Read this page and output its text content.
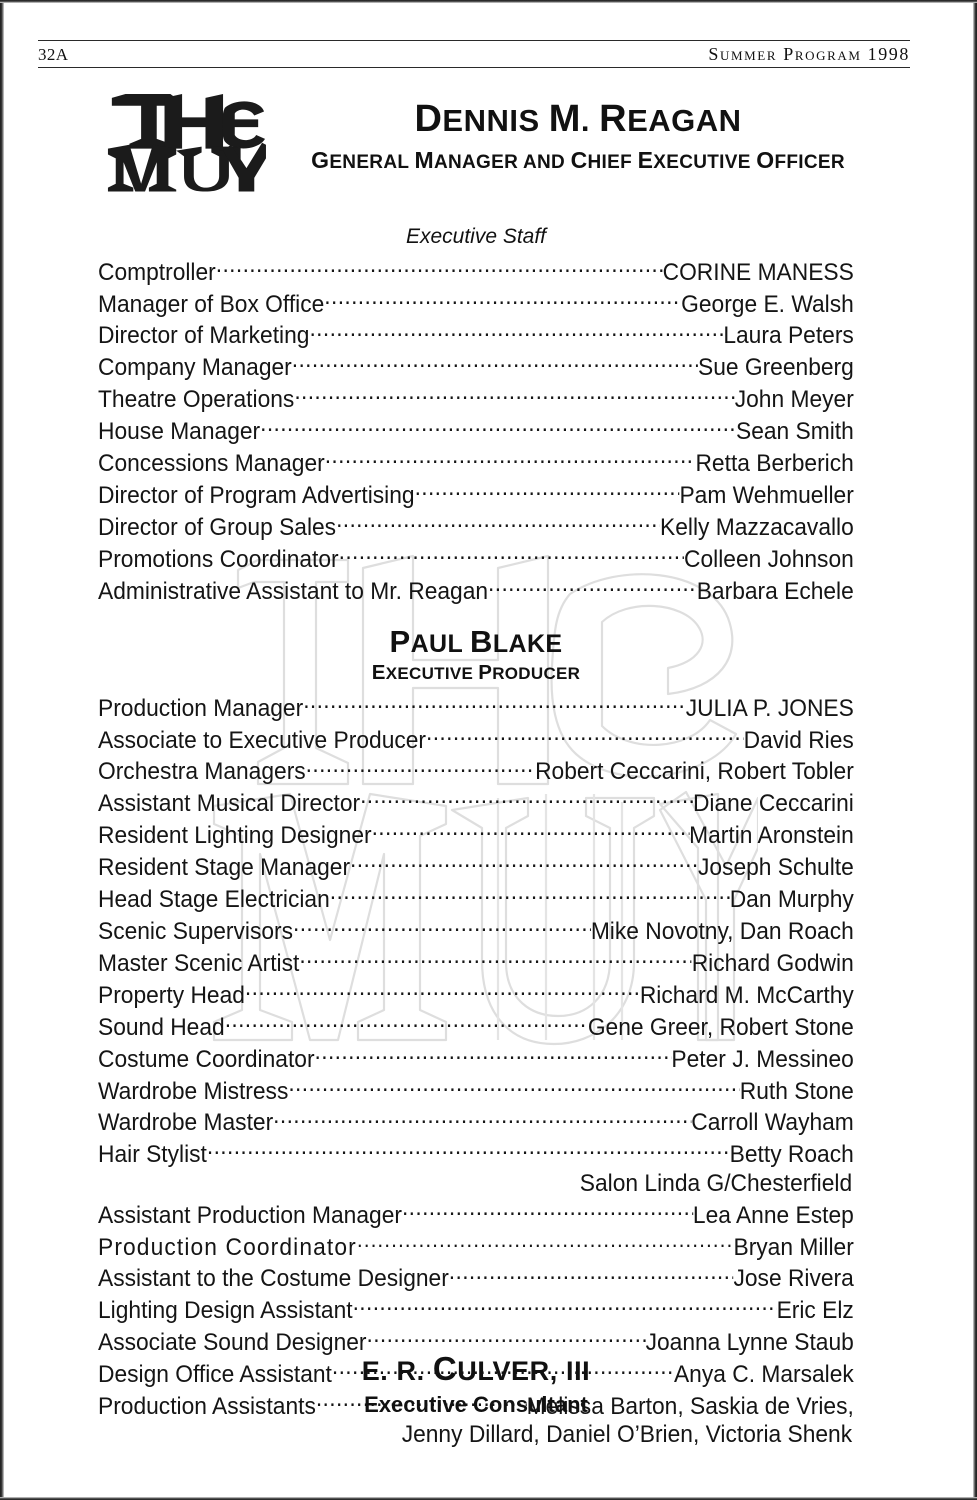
32A	Summer Program 1998
DENNIS M. REAGAN
GENERAL MANAGER AND CHIEF EXECUTIVE OFFICER
Executive Staff
Comptroller .....	CORINE MANESS
Manager of Box Office .....	George E. Walsh
Director of Marketing .....	Laura Peters
Company Manager .....	Sue Greenberg
Theatre Operations .....	John Meyer
House Manager .....	Sean Smith
Concessions Manager .....	Retta Berberich
Director of Program Advertising .....	Pam Wehmueller
Director of Group Sales .....	Kelly Mazzacavallo
Promotions Coordinator .....	Colleen Johnson
Administrative Assistant to Mr. Reagan .....	Barbara Echele
PAUL BLAKE
EXECUTIVE PRODUCER
Production Manager .....	JULIA P. JONES
Associate to Executive Producer .....	David Ries
Orchestra Managers .....	Robert Ceccarini, Robert Tobler
Assistant Musical Director .....	Diane Ceccarini
Resident Lighting Designer .....	Martin Aronstein
Resident Stage Manager .....	Joseph Schulte
Head Stage Electrician .....	Dan Murphy
Scenic Supervisors .....	Mike Novotny, Dan Roach
Master Scenic Artist .....	Richard Godwin
Property Head .....	Richard M. McCarthy
Sound Head .....	Gene Greer, Robert Stone
Costume Coordinator .....	Peter J. Messineo
Wardrobe Mistress .....	Ruth Stone
Wardrobe Master .....	Carroll Wayham
Hair Stylist .....	Betty Roach
Salon Linda G/Chesterfield
Assistant Production Manager .....	Lea Anne Estep
Production Coordinator .....	Bryan Miller
Assistant to the Costume Designer .....	Jose Rivera
Lighting Design Assistant .....	Eric Elz
Associate Sound Designer .....	Joanna Lynne Staub
Design Office Assistant .....	Anya C. Marsalek
Production Assistants .....	Melissa Barton, Saskia de Vries,
Jenny Dillard, Daniel O’Brien, Victoria Shenk
E. R. CULVER, III
Executive Consultant
